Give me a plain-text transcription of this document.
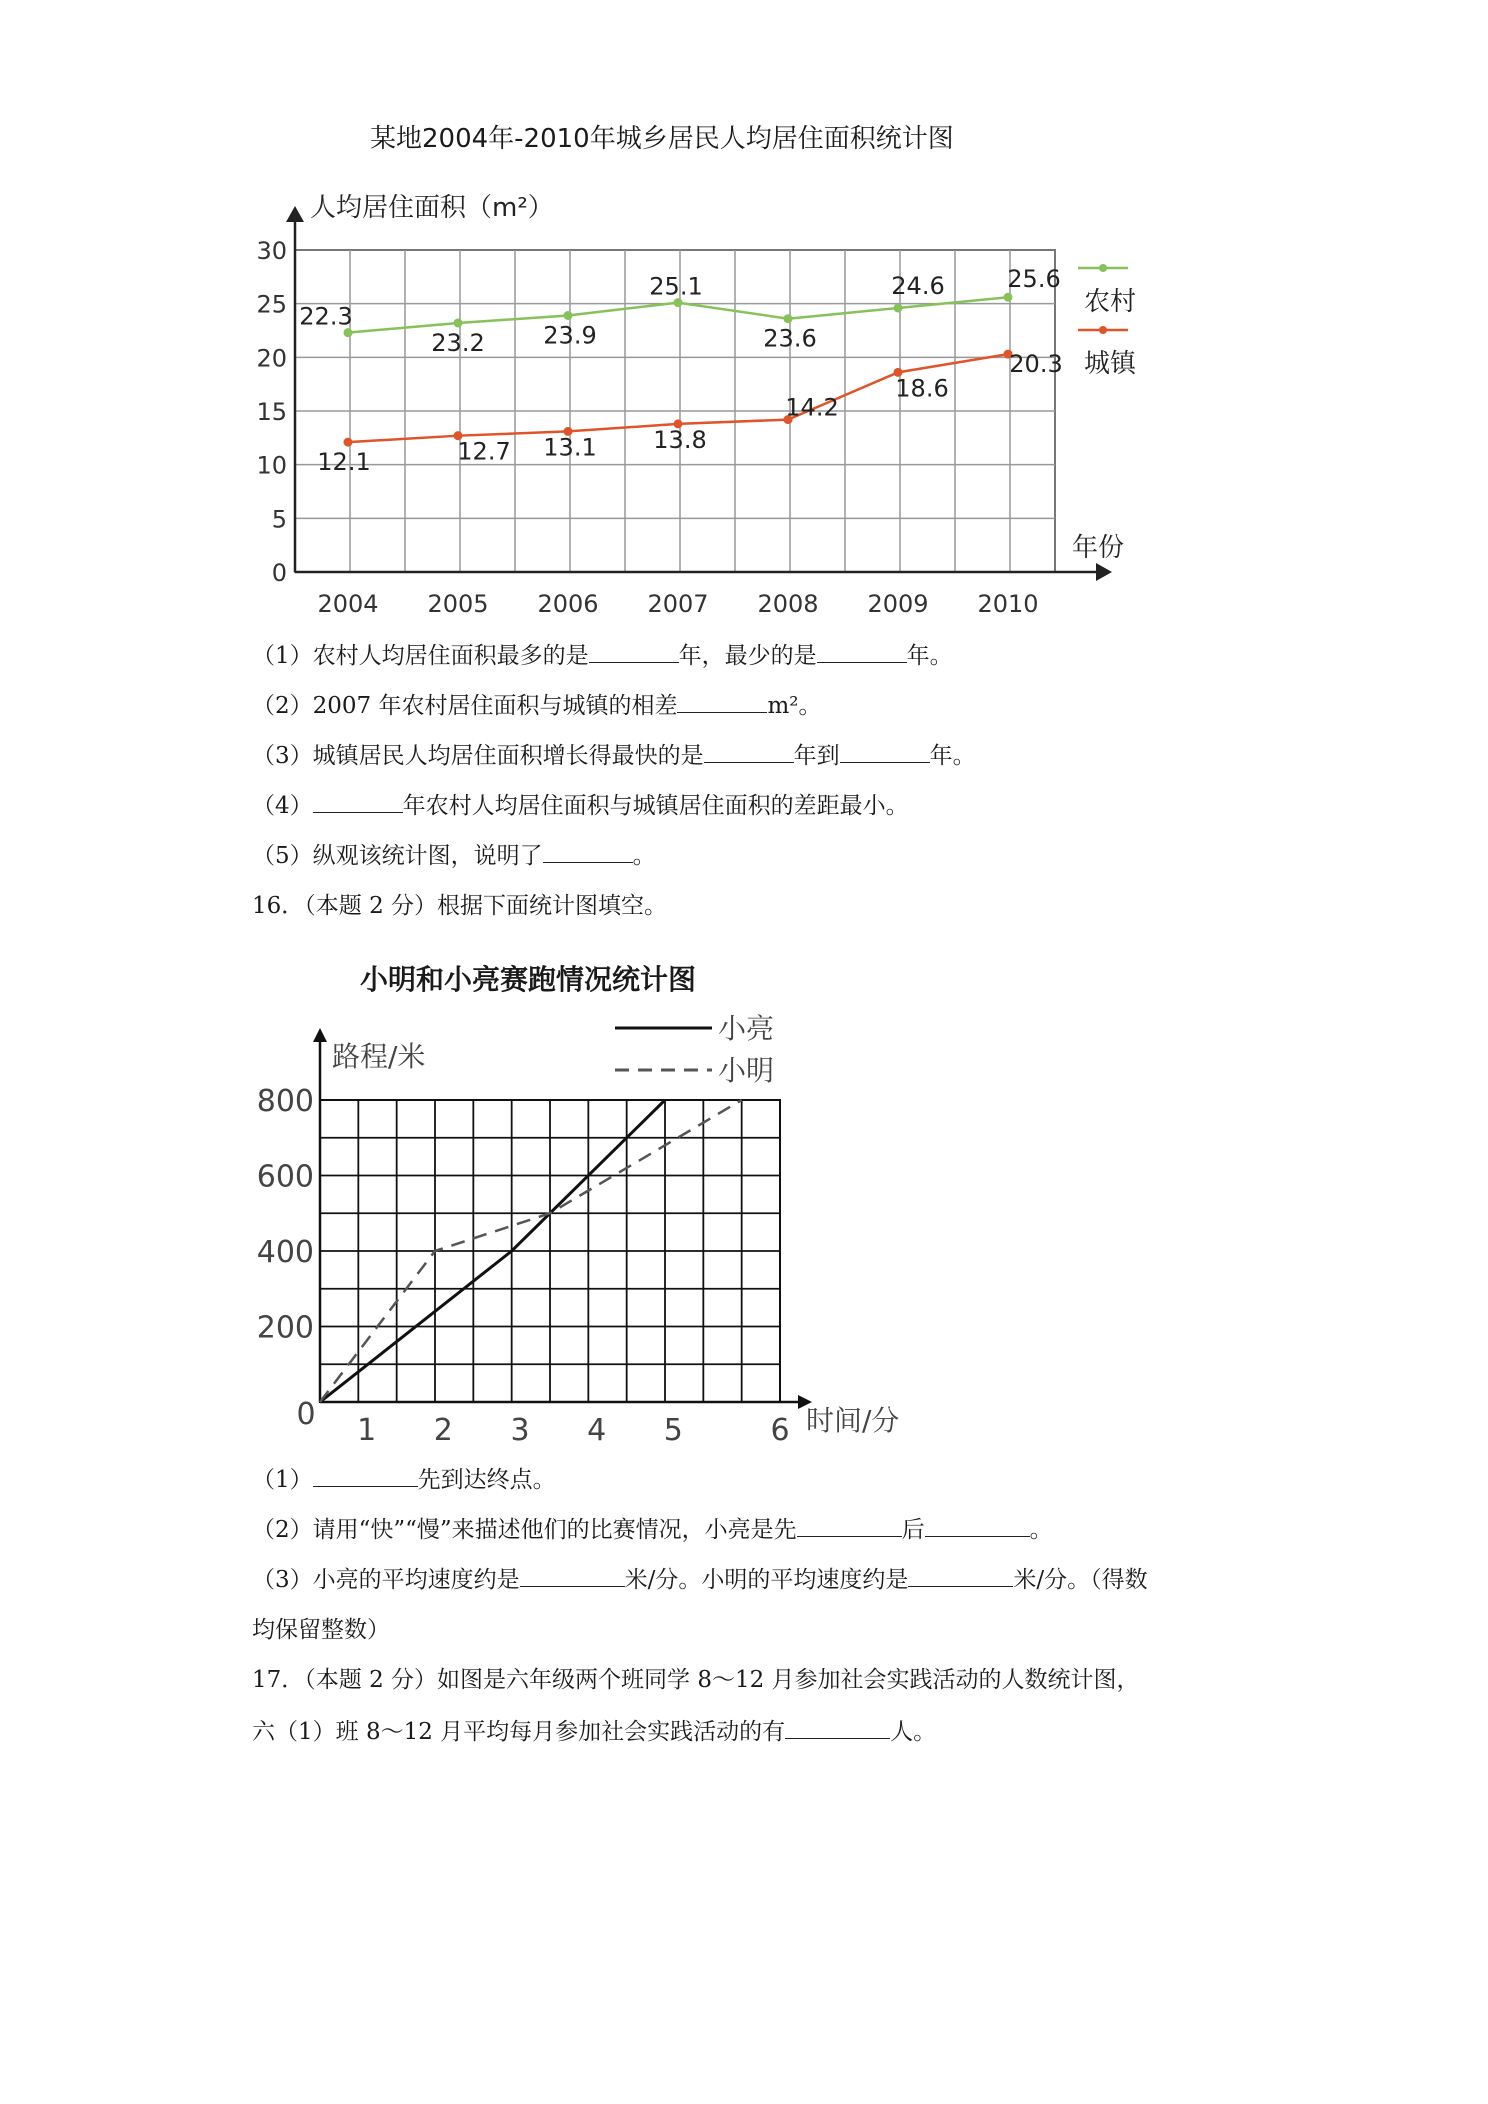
某地2004年-2010年城乡居民人均居住面积统计图
人均居住面积（m²）
年份
0
5
10
15
20
25
30
2004 2005 2006 2007 2008 2009 2010
22.3
23.2 23.9
25.1
23.6
24.6	25.6
12.1	12.7 13.1 13.8
14.2
18.6
20.3
农村
城镇
（1）农村人均居住面积最多的是	年，最少的是	年。
（2）2007 年农村居住面积与城镇的相差	m²。
（3）城镇居民人均居住面积增长得最快的是	年到	年。
（4）	年农村人均居住面积与城镇居住面积的差距最小。
（5）纵观该统计图，说明了	。
16．（本题 2 分）根据下面统计图填空。
小明和小亮赛跑情况统计图
路程/米
时间/分
200
400
600
800
0 1 2 3 4 5	6
小亮
小明
（1）	先到达终点。
（2）请用“快”“慢”来描述他们的比赛情况，小亮是先	后	。
（3）小亮的平均速度约是	米/分。小明的平均速度约是	米/分。（得数
均保留整数）
17．（本题 2 分）如图是六年级两个班同学 8～12 月参加社会实践活动的人数统计图，
六（1）班 8～12 月平均每月参加社会实践活动的有	人。
